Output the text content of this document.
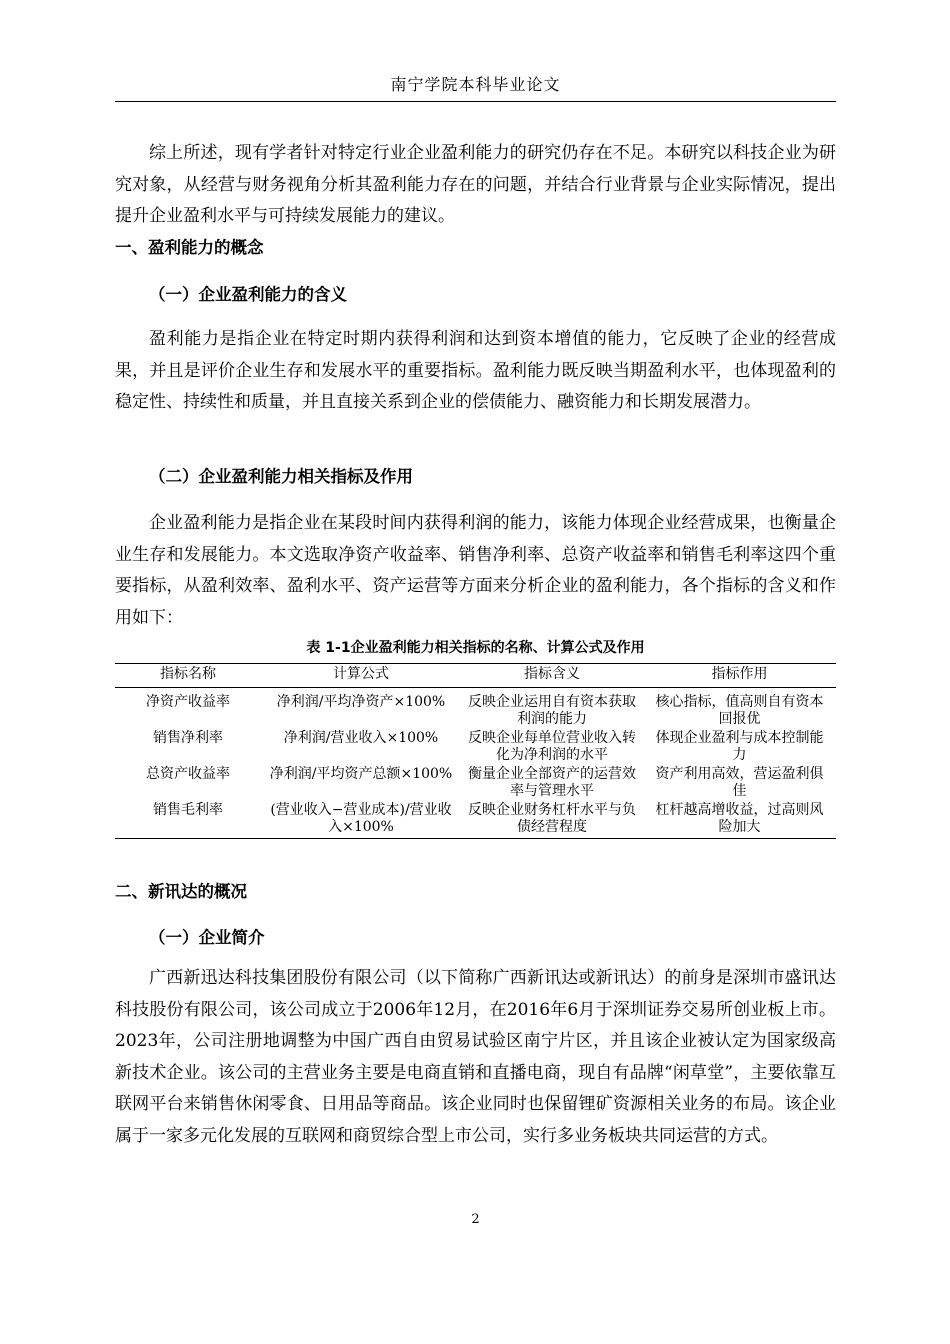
南宁学院本科毕业论文

综上所述，现有学者针对特定行业企业盈利能力的研究仍存在不足。本研究以科技企业为研究对象，从经营与财务视角分析其盈利能力存在的问题，并结合行业背景与企业实际情况，提出提升企业盈利水平与可持续发展能力的建议。

一、盈利能力的概念
（一）企业盈利能力的含义

盈利能力是指企业在特定时期内获得利润和达到资本增值的能力，它反映了企业的经营成果，并且是评价企业生存和发展水平的重要指标。盈利能力既反映当期盈利水平，也体现盈利的稳定性、持续性和质量，并且直接关系到企业的偿债能力、融资能力和长期发展潜力。

（二）企业盈利能力相关指标及作用

企业盈利能力是指企业在某段时间内获得利润的能力，该能力体现企业经营成果，也衡量企业生存和发展能力。本文选取净资产收益率、销售净利率、总资产收益率和销售毛利率这四个重要指标，从盈利效率、盈利水平、资产运营等方面来分析企业的盈利能力，各个指标的含义和作用如下：

表 1-1企业盈利能力相关指标的名称、计算公式及作用
指标名称	计算公式	指标含义	指标作用
净资产收益率	净利润/平均净资产×100%	反映企业运用自有资本获取利润的能力	核心指标，值高则自有资本回报优
销售净利率	净利润/营业收入×100%	反映企业每单位营业收入转化为净利润的水平	体现企业盈利与成本控制能力
总资产收益率	净利润/平均资产总额×100%	衡量企业全部资产的运营效率与管理水平	资产利用高效，营运盈利俱佳
销售毛利率	(营业收入−营业成本)/营业收入×100%	反映企业财务杠杆水平与负债经营程度	杠杆越高增收益，过高则风险加大
二、新讯达的概况
（一）企业简介

广西新迅达科技集团股份有限公司（以下简称广西新讯达或新讯达）的前身是深圳市盛讯达科技股份有限公司，该公司成立于2006年12月，在2016年6月于深圳证券交易所创业板上市。2023年，公司注册地调整为中国广西自由贸易试验区南宁片区，并且该企业被认定为国家级高新技术企业。该公司的主营业务主要是电商直销和直播电商，现自有品牌“闲草堂”，主要依靠互联网平台来销售休闲零食、日用品等商品。该企业同时也保留锂矿资源相关业务的布局。该企业属于一家多元化发展的互联网和商贸综合型上市公司，实行多业务板块共同运营的方式。

2
